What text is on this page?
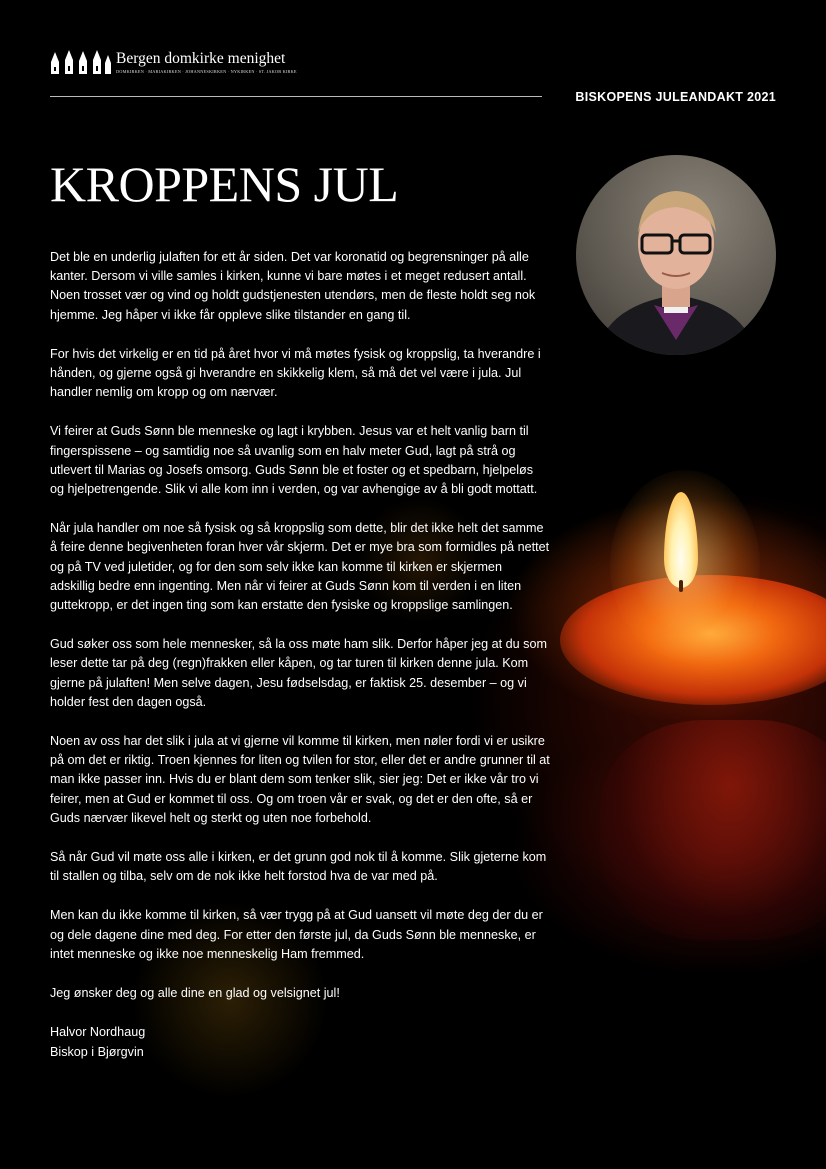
Bergen domkirke menighet
DOMKIRKEN · MARIAKIRKEN · JOHANNESKIRKEN · NYKIRKEN · ST. JAKOB KIRKE
BISKOPENS JULEANDAKT 2021
KROPPENS JUL

Det ble en underlig julaften for ett år siden. Det var koronatid og begrensninger på alle kanter. Dersom vi ville samles i kirken, kunne vi bare møtes i et meget redusert antall. Noen trosset vær og vind og holdt gudstjenesten utendørs, men de fleste holdt seg nok hjemme. Jeg håper vi ikke får oppleve slike tilstander en gang til.

For hvis det virkelig er en tid på året hvor vi må møtes fysisk og kroppslig, ta hverandre i hånden, og gjerne også gi hverandre en skikkelig klem, så må det vel være i jula. Jul handler nemlig om kropp og om nærvær.

Vi feirer at Guds Sønn ble menneske og lagt i krybben. Jesus var et helt vanlig barn til fingerspissene – og samtidig noe så uvanlig som en halv meter Gud, lagt på strå og utlevert til Marias og Josefs omsorg. Guds Sønn ble et foster og et spedbarn, hjelpeløs og hjelpetrengende. Slik vi alle kom inn i verden, og var avhengige av å bli godt mottatt.

Når jula handler om noe så fysisk og så kroppslig som dette, blir det ikke helt det samme å feire denne begivenheten foran hver vår skjerm. Det er mye bra som formidles på nettet og på TV ved juletider, og for den som selv ikke kan komme til kirken er skjermen adskillig bedre enn ingenting. Men når vi feirer at Guds Sønn kom til verden i en liten guttekropp, er det ingen ting som kan erstatte den fysiske og kroppslige samlingen.

Gud søker oss som hele mennesker, så la oss møte ham slik. Derfor håper jeg at du som leser dette tar på deg (regn)frakken eller kåpen, og tar turen til kirken denne jula. Kom gjerne på julaften! Men selve dagen, Jesu fødselsdag, er faktisk 25. desember – og vi holder fest den dagen også.

Noen av oss har det slik i jula at vi gjerne vil komme til kirken, men nøler fordi vi er usikre på om det er riktig. Troen kjennes for liten og tvilen for stor, eller det er andre grunner til at man ikke passer inn. Hvis du er blant dem som tenker slik, sier jeg: Det er ikke vår tro vi feirer, men at Gud er kommet til oss. Og om troen vår er svak, og det er den ofte, så er Guds nærvær likevel helt og sterkt og uten noe forbehold.

Så når Gud vil møte oss alle i kirken, er det grunn god nok til å komme. Slik gjeterne kom til stallen og tilba, selv om de nok ikke helt forstod hva de var med på.

Men kan du ikke komme til kirken, så vær trygg på at Gud uansett vil møte deg der du er og dele dagene dine med deg. For etter den første jul, da Guds Sønn ble menneske, er intet menneske og ikke noe menneskelig Ham fremmed.

Jeg ønsker deg og alle dine en glad og velsignet jul!

Halvor Nordhaug

Biskop i Bjørgvin
